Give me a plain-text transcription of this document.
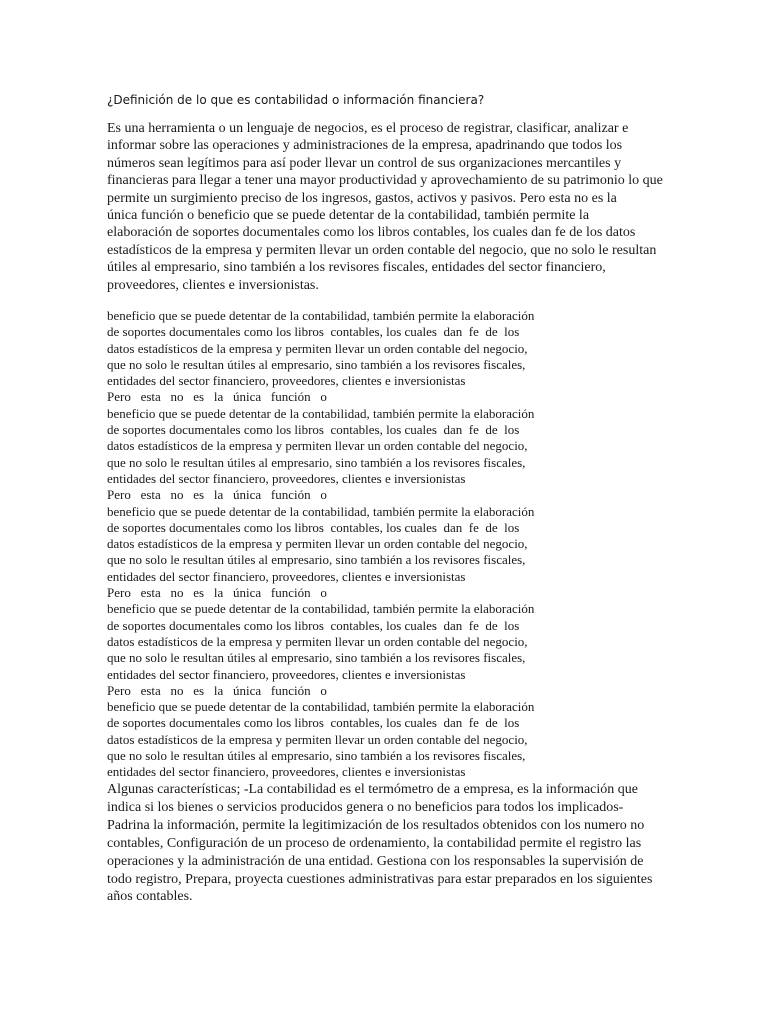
¿Definición de lo que es contabilidad o información financiera?
Es una herramienta o un lenguaje de negocios, es el proceso de registrar, clasificar, analizar e
informar sobre las operaciones y administraciones de la empresa, apadrinando que todos los
números sean legítimos para así poder llevar un control de sus organizaciones mercantiles y
financieras para llegar a tener una mayor productividad y aprovechamiento de su patrimonio lo que
permite un surgimiento preciso de los ingresos, gastos, activos y pasivos. Pero esta no es la
única función o beneficio que se puede detentar de la contabilidad, también permite la
elaboración de soportes documentales como los libros contables, los cuales dan fe de los datos
estadísticos de la empresa y permiten llevar un orden contable del negocio, que no solo le resultan
útiles al empresario, sino también a los revisores fiscales, entidades del sector financiero,
proveedores, clientes e inversionistas.
beneficio que se puede detentar de la contabilidad, también permite la elaboración
de soportes documentales como los libros  contables, los cuales  dan  fe  de  los
datos estadísticos de la empresa y permiten llevar un orden contable del negocio,
que no solo le resultan útiles al empresario, sino también a los revisores fiscales,
entidades del sector financiero, proveedores, clientes e inversionistas
Pero   esta   no   es   la   única   función   o
beneficio que se puede detentar de la contabilidad, también permite la elaboración
de soportes documentales como los libros  contables, los cuales  dan  fe  de  los
datos estadísticos de la empresa y permiten llevar un orden contable del negocio,
que no solo le resultan útiles al empresario, sino también a los revisores fiscales,
entidades del sector financiero, proveedores, clientes e inversionistas
Pero   esta   no   es   la   única   función   o
beneficio que se puede detentar de la contabilidad, también permite la elaboración
de soportes documentales como los libros  contables, los cuales  dan  fe  de  los
datos estadísticos de la empresa y permiten llevar un orden contable del negocio,
que no solo le resultan útiles al empresario, sino también a los revisores fiscales,
entidades del sector financiero, proveedores, clientes e inversionistas
Pero   esta   no   es   la   única   función   o
beneficio que se puede detentar de la contabilidad, también permite la elaboración
de soportes documentales como los libros  contables, los cuales  dan  fe  de  los
datos estadísticos de la empresa y permiten llevar un orden contable del negocio,
que no solo le resultan útiles al empresario, sino también a los revisores fiscales,
entidades del sector financiero, proveedores, clientes e inversionistas
Pero   esta   no   es   la   única   función   o
beneficio que se puede detentar de la contabilidad, también permite la elaboración
de soportes documentales como los libros  contables, los cuales  dan  fe  de  los
datos estadísticos de la empresa y permiten llevar un orden contable del negocio,
que no solo le resultan útiles al empresario, sino también a los revisores fiscales,
entidades del sector financiero, proveedores, clientes e inversionistas
Algunas características; -La contabilidad es el termómetro de a empresa, es la información que
indica si los bienes o servicios producidos genera o no beneficios para todos los implicados-
Padrina la información, permite la legitimización de los resultados obtenidos con los numero no
contables, Configuración de un proceso de ordenamiento, la contabilidad permite el registro las
operaciones y la administración de una entidad. Gestiona con los responsables la supervisión de
todo registro, Prepara, proyecta cuestiones administrativas para estar preparados en los siguientes
años contables.
